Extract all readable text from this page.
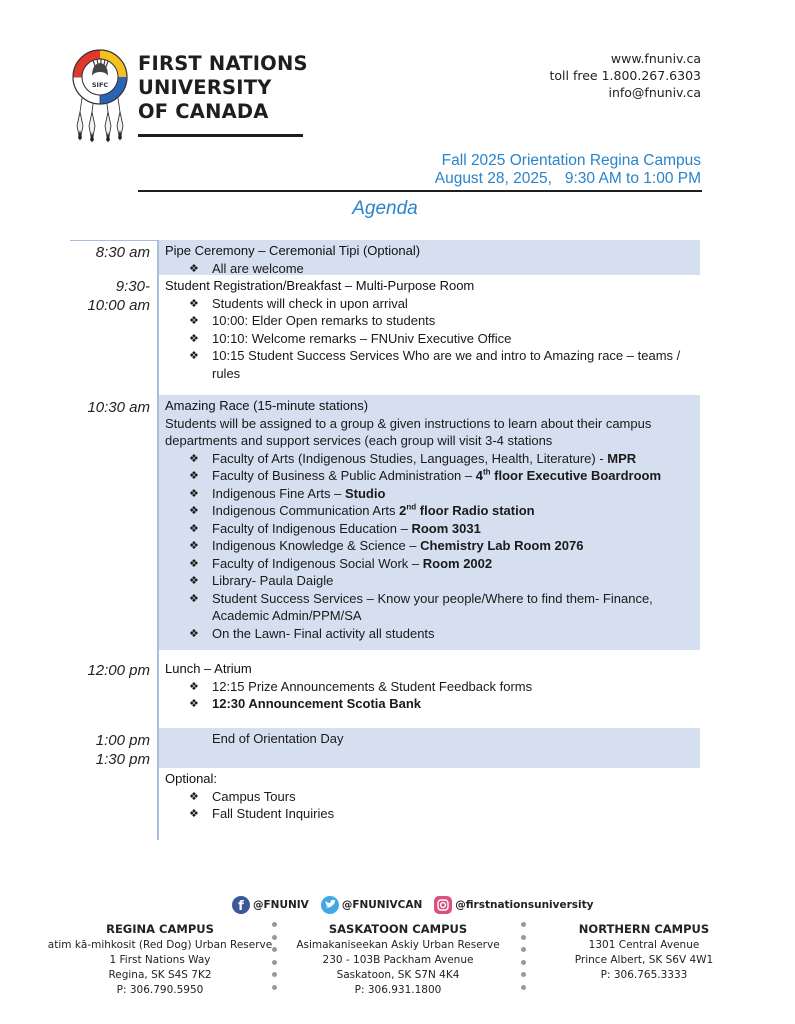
SIFC
FIRST NATIONS
UNIVERSITY
OF CANADA
www.fnuniv.ca
toll free 1.800.267.6303
info@fnuniv.ca
Fall 2025 Orientation Regina Campus
August 28, 2025,   9:30 AM to 1:00 PM
Agenda
8:30 am Pipe Ceremony – Ceremonial Tipi (Optional)
❖ All are welcome
9:30-
10:00 am
Student Registration/Breakfast – Multi-Purpose Room
❖ Students will check in upon arrival
❖ 10:00: Elder Open remarks to students
❖ 10:10: Welcome remarks – FNUniv Executive Office
❖ 10:15 Student Success Services Who are we and intro to Amazing race – teams / rules
10:30 am Amazing Race (15-minute stations)
Students will be assigned to a group & given instructions to learn about their campus departments and support services (each group will visit 3-4 stations
❖ Faculty of Arts (Indigenous Studies, Languages, Health, Literature) - MPR
❖ Faculty of Business & Public Administration – 4th floor Executive Boardroom
❖ Indigenous Fine Arts – Studio
❖ Indigenous Communication Arts 2nd floor Radio station
❖ Faculty of Indigenous Education – Room 3031
❖ Indigenous Knowledge & Science – Chemistry Lab Room 2076
❖ Faculty of Indigenous Social Work – Room 2002
❖ Library- Paula Daigle
❖ Student Success Services – Know your people/Where to find them- Finance, Academic Admin/PPM/SA
❖ On the Lawn- Final activity all students
12:00 pm Lunch – Atrium
❖ 12:15 Prize Announcements & Student Feedback forms
❖ 12:30 Announcement Scotia Bank
1:00 pm	End of Orientation Day
1:30 pm
Optional:
❖ Campus Tours
❖ Fall Student Inquiries
f @FNUNIV	@FNUNIVCAN	@firstnationsuniversity
REGINA CAMPUS
atim kā-mihkosit (Red Dog) Urban Reserve
1 First Nations Way
Regina, SK S4S 7K2
P: 306.790.5950
SASKATOON CAMPUS
Asimakaniseekan Askiy Urban Reserve
230 - 103B Packham Avenue
Saskatoon, SK S7N 4K4
P: 306.931.1800
NORTHERN CAMPUS
1301 Central Avenue
Prince Albert, SK S6V 4W1
P: 306.765.3333
